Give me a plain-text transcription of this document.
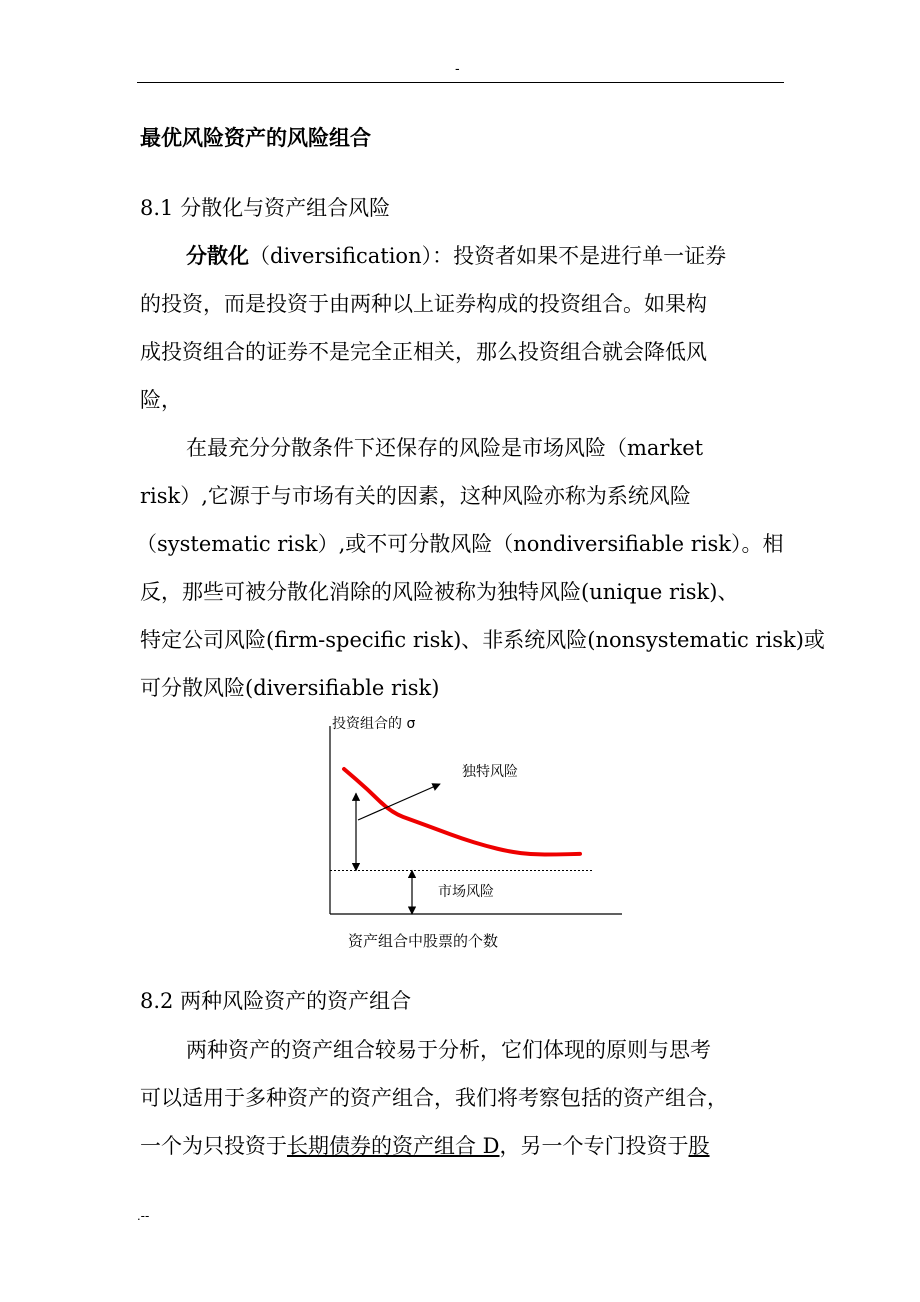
-
最优风险资产的风险组合
8.1 分散化与资产组合风险
分散化（diversification）：投资者如果不是进行单一证券
的投资，而是投资于由两种以上证券构成的投资组合。如果构
成投资组合的证券不是完全正相关，那么投资组合就会降低风
险，
在最充分分散条件下还保存的风险是市场风险（market
risk）,它源于与市场有关的因素，这种风险亦称为系统风险
（systematic risk）,或不可分散风险（nondiversifiable risk）。相
反，那些可被分散化消除的风险被称为独特风险(unique risk)、
特定公司风险(firm-specific risk)、非系统风险(nonsystematic risk)或
可分散风险(diversifiable risk)
投资组合的 σ
独特风险
市场风险
资产组合中股票的个数
8.2 两种风险资产的资产组合
两种资产的资产组合较易于分析，它们体现的原则与思考
可以适用于多种资产的资产组合，我们将考察包括的资产组合，
一个为只投资于长期债券的资产组合 D，另一个专门投资于股
.--
